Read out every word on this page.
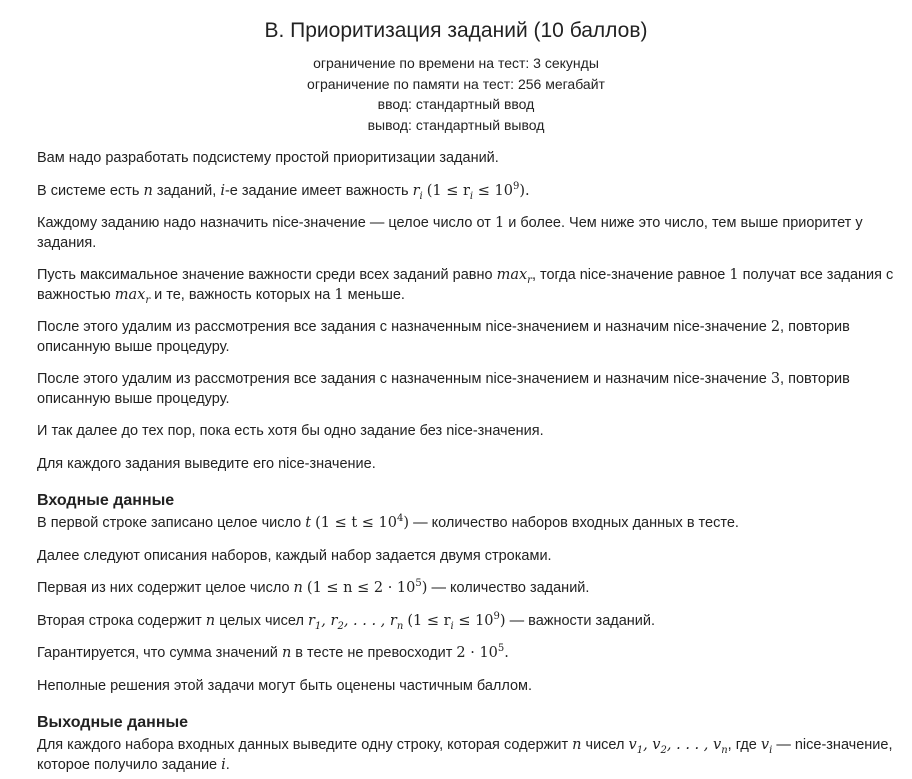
B. Приоритизация заданий (10 баллов)
ограничение по времени на тест: 3 секунды
ограничение по памяти на тест: 256 мегабайт
ввод: стандартный ввод
вывод: стандартный вывод

Вам надо разработать подсистему простой приоритизации заданий.

В системе есть n заданий, i-е задание имеет важность $r_i$ $(1 \le r_i \le 10^9)$.

Каждому заданию надо назначить nice-значение — целое число от 1 и более. Чем ниже это число, тем выше приоритет у задания.

Пусть максимальное значение важности среди всех заданий равно $\max_r$, тогда nice-значение равное 1 получат все задания с важностью $\max_r и$ те, важность которых на 1 меньше.

После этого удалим из рассмотрения все задания с назначенным nice-значением и назначим nice-значение 2, повторив описанную выше процедуру.

После этого удалим из рассмотрения все задания с назначенным nice-значением и назначим nice-значение 3, повторив описанную выше процедуру.

И так далее до тех пор, пока есть хотя бы одно задание без nice-значения.

Для каждого задания выведите его nice-значение.

Входные данные

В первой строке записано целое число t $(1 \le t \le 10^4)$ — количество наборов входных данных в тесте.

Далее следуют описания наборов, каждый набор задается двумя строками.

Первая из них содержит целое число n $(1 \le n \le 2 \cdot 10^5)$ — количество заданий.

Вторая строка содержит n целых чисел $r_1$, $r_2$, . . . , $r_n$ $(1 \le r_i \le 10^9)$ — важности заданий.

Гарантируется, что сумма значений n в тесте не превосходит $2 \cdot 10^5$.

Неполные решения этой задачи могут быть оценены частичным баллом.

Выходные данные

Для каждого набора входных данных выведите одну строку, которая содержит n чисел $v_1$, $v_2$, . . . , $v_n$, где $v_i$ — nice-значение, которое получило задание i.
